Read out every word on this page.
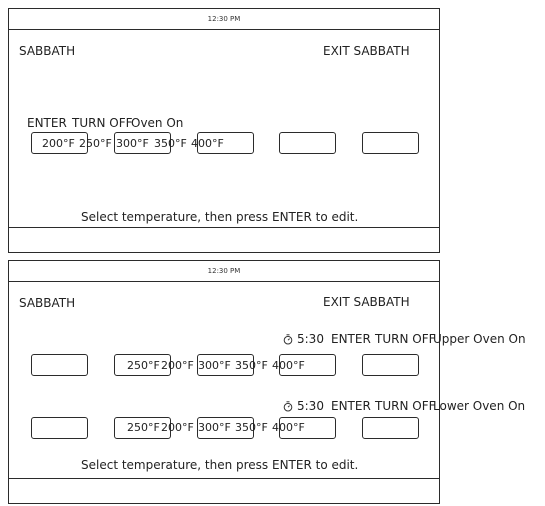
12:30 PM
SABBATH	EXIT SABBATH
ENTER TURN OFF
Oven On
200°F 250°F 300°F 350°F 400°F
Select temperature, then press ENTER to edit.
12:30 PM
SABBATH	EXIT SABBATH
5:30 ENTER TURN OFF
Upper Oven On
250°F 200°F 300°F 350°F 400°F
5:30 ENTER TURN OFF
Lower Oven On
250°F 200°F 300°F 350°F 400°F
Select temperature, then press ENTER to edit.
